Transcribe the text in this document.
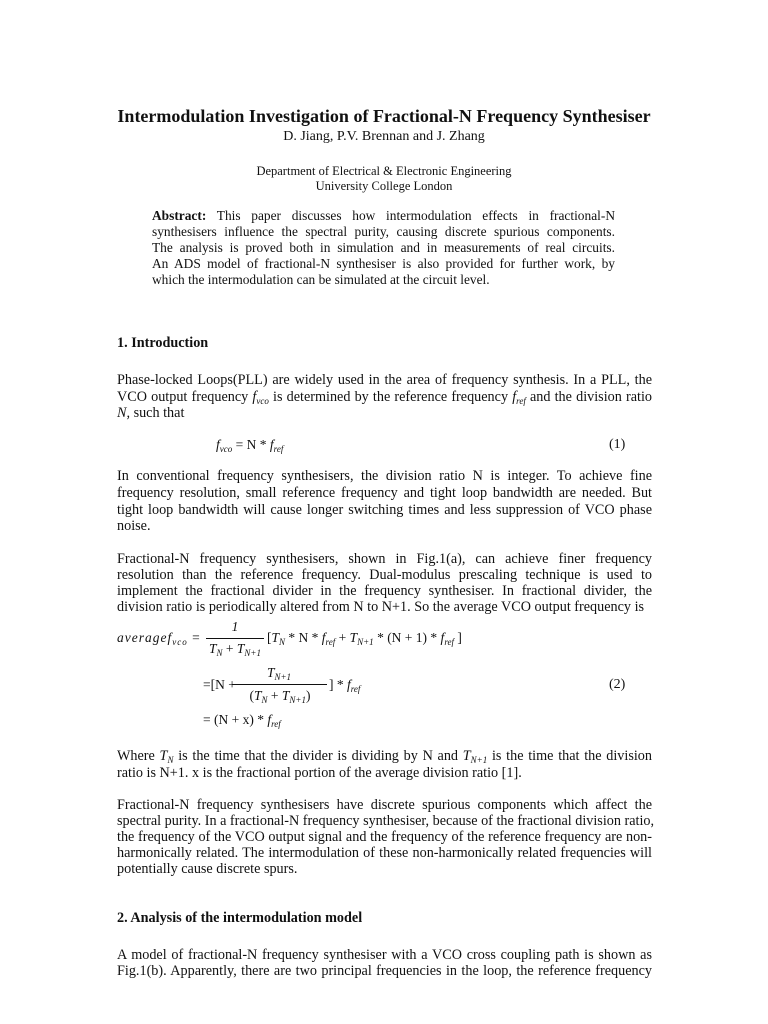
Intermodulation Investigation of Fractional-N Frequency Synthesiser
D. Jiang, P.V. Brennan and J. Zhang
Department of Electrical & Electronic Engineering
University College London
Abstract: This paper discusses how intermodulation effects in fractional-N
synthesisers influence the spectral purity, causing discrete spurious components.
The analysis is proved both in simulation and in measurements of real circuits.
An ADS model of fractional-N synthesiser is also provided for further work, by
which the intermodulation can be simulated at the circuit level.
1. Introduction
Phase-locked Loops(PLL) are widely used in the area of frequency synthesis. In a PLL, the
VCO output frequency $f_{vco}$ is determined by the reference frequency $f_{ref}$ and the division ratio
N, such that
$f_{vco} = N * f_{ref}$	(1)
In conventional frequency synthesisers, the division ratio N is integer. To achieve fine
frequency resolution, small reference frequency and tight loop bandwidth are needed. But
tight loop bandwidth will cause longer switching times and less suppression of VCO phase
noise.
Fractional-N frequency synthesisers, shown in Fig.1(a), can achieve finer frequency
resolution than the reference frequency. Dual-modulus prescaling technique is used to
implement the fractional divider in the frequency synthesiser. In fractional divider, the
division ratio is periodically altered from N to N+1. So the average VCO output frequency is
averagef$_{vco}$ =
1
$T_N + T_{N+1}$
[$T_N * N * f_{ref} + T_{N+1} * (N + 1) * f_{ref}$ ]
=[N +
$T_{N+1}$
$(T_N + T_{N+1})$
] * $f_{ref}$
= $(N + x) * f_{ref}$
(2)
Where $T_N$ is the time that the divider is dividing by N and $T_{N+1}$ is the time that the division
ratio is N+1. x is the fractional portion of the average division ratio [1].
Fractional-N frequency synthesisers have discrete spurious components which affect the
spectral purity. In a fractional-N frequency synthesiser, because of the fractional division ratio,
the frequency of the VCO output signal and the frequency of the reference frequency are non-
harmonically related. The intermodulation of these non-harmonically related frequencies will
potentially cause discrete spurs.
2. Analysis of the intermodulation model
A model of fractional-N frequency synthesiser with a VCO cross coupling path is shown as
Fig.1(b). Apparently, there are two principal frequencies in the loop, the reference frequency
